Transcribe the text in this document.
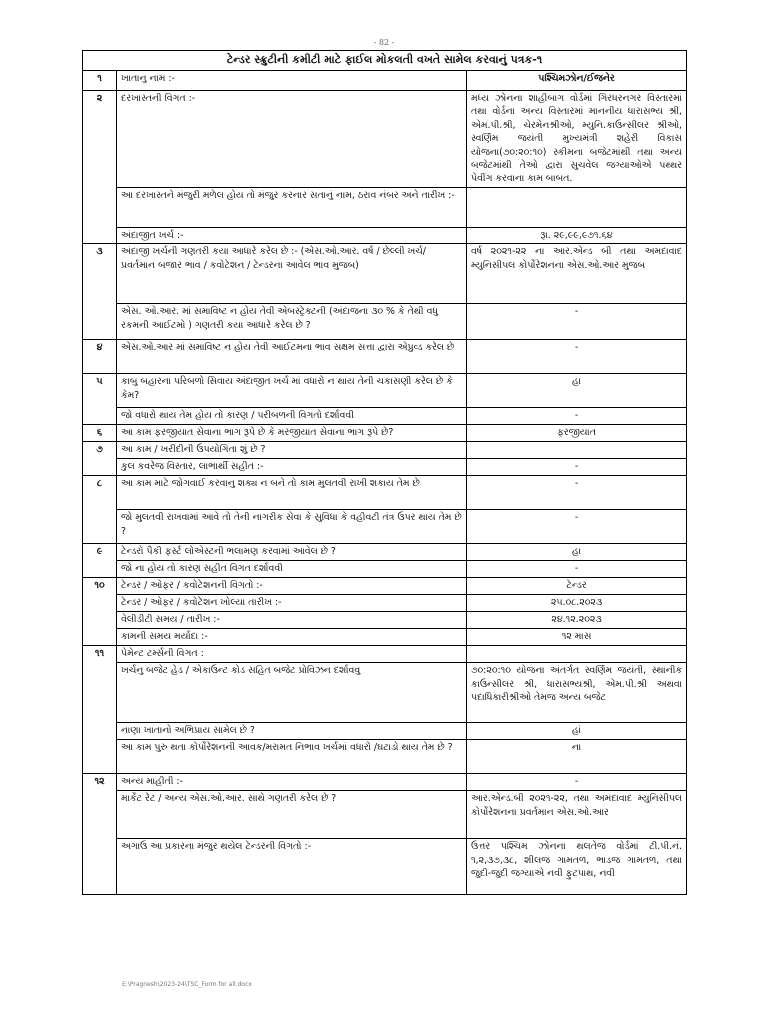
- 82 -
ટેન્ડર સ્ક્રુટીની કમીટી માટે ફાઈલ મોકલતી વખતે સામેલ કરવાનું પત્રક-૧		
૧	ખાતાનુ નામ :-	પશ્ચિમઝોન/ઈજનેર
૨	દરખાસ્તની વિગત :-	મધ્ય ઝોનના શાહીબાગ વોર્ડમાં ગિરધરનગર વિસ્તારમાં તથા વોર્ડના અન્ય વિસ્તારમાં માનનીય ધારાસભ્ય શ્રી, એમ.પી.શ્રી, ચેરમેનશ્રીઓ, મ્યુનિ.કાઉન્સીલર શ્રીઓ, સ્વર્ણિમ જયંતી મુખ્યમંત્રી શહેરી વિકાસ યોજના(૭૦:૨૦:૧૦) સ્કીમના બજેટમાંથી તથા અન્ય બજેટમાંથી તેઓ દ્વારા સુચવેલ જગ્યાઓએ પથ્થર પેવીંગ કરવાના કામ બાબત.
	આ દરખાસ્તને મંજુરી મળેલ હોય તો મંજુર કરનાર સતાનું નામ, ઠરાવ નંબર અને તારીખ :-	
	અંદાજીત ખર્ચ :-	રૂા. ૨૯,૯૯,૯૭૧.૬૪
૩	અંદાજી ખર્ચની ગણતરી કયા આધારે કરેલ છે :- (એસ.ઓ.આર. વર્ષ / છેલ્લી ખર્ચ/ પ્રવર્તમાન બજાર ભાવ / કવોટેશન / ટેન્ડરના આવેલ ભાવ મુજબ)	વર્ષ ૨૦૨૧-૨૨ ના આર.એન્ડ બી તથા અમદાવાદ મ્યુનિસીપલ કોર્પોરેશનના એસ.ઓ.આર મુજબ
	એસ. ઓ.આર. માં સમાવિષ્ટ ન હોય તેવી એબસ્ટ્રેક્ટની (અંદાજના ૩૦ % કે તેથી વધુ રકમની આઈટમો ) ગણતરી કયા આધારે કરેલ છે ?	-
૪	એસ.ઓ.આર માં સમાવિષ્ટ ન હોય તેવી આઈટમના ભાવ સક્ષમ સત્તા દ્વારા એપ્રુવ્ડ કરેલ છે	-
૫	કાબુ બહારના પરિબળો સિવાય અંદાજીત ખર્ચ માં વધારો ન થાય તેની ચકાસણી કરેલ છે કે કેમ?	હા
	જો વધારો થાય તેમ હોય તો કારણ / પરીબળની વિગતો દર્શાવવી	-
૬	આ કામ ફરજીયાત સેવાના ભાગ રૂપે છે કે મરજીયાત સેવાના ભાગ રૂપે છે?	ફરજીયાત
૭	આ કામ / ખરીદીની ઉપયોગિતા શું છે ?	
	કુલ કવરેજ વિસ્તાર, લાભાર્થી સહીત :-	-
૮	આ કામ માટે જોગવાઈ કરવાનુ શક્ય ન બને તો કામ મુલતવી રાખી શકાય તેમ છે	-
	જો મુલતવી રાખવામાં આવે તો તેની નાગરીક સેવા કે સુવિધા કે વહીવટી તંત્ર ઉપર થાય તેમ છે ?	-
૯	ટેન્ડરો પૈકી ફર્સ્ટ લોએસ્ટની ભલામણ કરવામાં આવેલ છે ?	હા
	જો ના હોય તો કારણ સહીત વિગત દર્શાવવી	-
૧૦	ટેન્ડર / ઓફર / કવોટેશનની વિગતો :-	ટેન્ડર
	ટેન્ડર / ઓફર / કવોટેશન ખોલ્યા તારીખ :-	૨૫.૦૮.૨૦૨૩
	વેલીડીટી સમય / તારીખ :-	૨૪.૧૨.૨૦૨૩
	કામની સમય મર્યાદા :-	૧૨ માસ
૧૧	પેમેન્ટ ટર્મ્સની વિગત :	
	ખર્ચનુ બજેટ હેડ / એકાઉન્ટ કોડ સહિત બજેટ પ્રોવિઝન દર્શાવવુ	૭૦:૨૦:૧૦ યોજના અંતર્ગત સ્વર્ણિમ જયંતી, સ્થાનીક કાઉન્સીલર શ્રી, ધારાસભ્યશ્રી, એમ.પી.શ્રી અથવા પદાધિકારીશ્રીઓ તેમજ અન્ય બજેટ
	નાણા ખાતાનો અભિપ્રાય સામેલ છે ?	હાં
	આ કામ પુરુ થતા કોર્પોરેશનની આવક/મરામત નિભાવ ખર્ચમાં વધારો /ઘટાડો થાય તેમ છે ?	ના
૧૨	અન્ય માહીતી :-	-
	માર્કેટ રેટ / અન્ય એસ.ઓ.આર. સાથે ગણતરી કરેલ છે ?	આર.એન્ડ.બી ૨૦૨૧-૨૨, તથા અમદાવાદ મ્યુનિસીપલ કોર્પોરેશનના પ્રવર્તમાન એસ.ઓ.આર
	અગાઉ આ પ્રકારના મંજુર થયેલ ટેન્ડરની વિગતો :-	ઉત્તર પશ્ચિમ ઝોનના થલતેજ વોર્ડમાં ટી.પી.નં. ૧,૨,૩૭,૩૮, શીલજ ગામતળ, ભાડજ ગામતળ, તથા જુદી-જુદી જગ્યાએ નવી ફુટપાથ, નવી
E:\Pragnesh\2023-24\TSC_Form for all.docx
